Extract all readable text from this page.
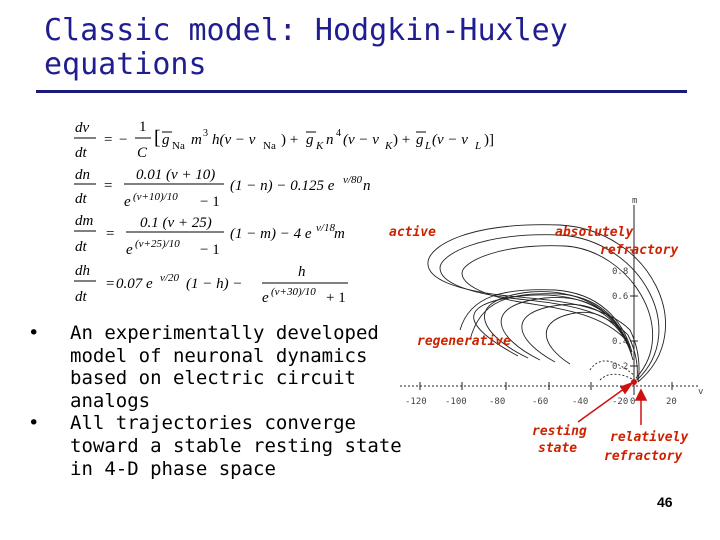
Classic model: Hodgkin-Huxley equations
dv
dt
= −
1
C
[ g Na m 3 h(v − v Na ) + g K n 4 (v − v K ) + g L (v − v L )]
dn
dt
=
0.01 (v + 10)
e (v+10)/10 − 1
(1 − n) − 0.125 e v/80 n
dm
dt
=
0.1 (v + 25)
e (v+25)/10 − 1
(1 − m) − 4 e v/18 m
dh
dt
= 0.07 e v/20 (1 − h) −
h
e (v+30)/10 + 1
-120 -100 -80	-60	-40	-20 0	20
0.2
0.4
0.6
0.8
v
m
active	absolutely
refractory
regenerative
resting
state
relatively
refractory
• An experimentally developed model of neuronal dynamics based on electric circuit analogs
• All trajectories converge toward a stable resting state in 4-D phase space
46
